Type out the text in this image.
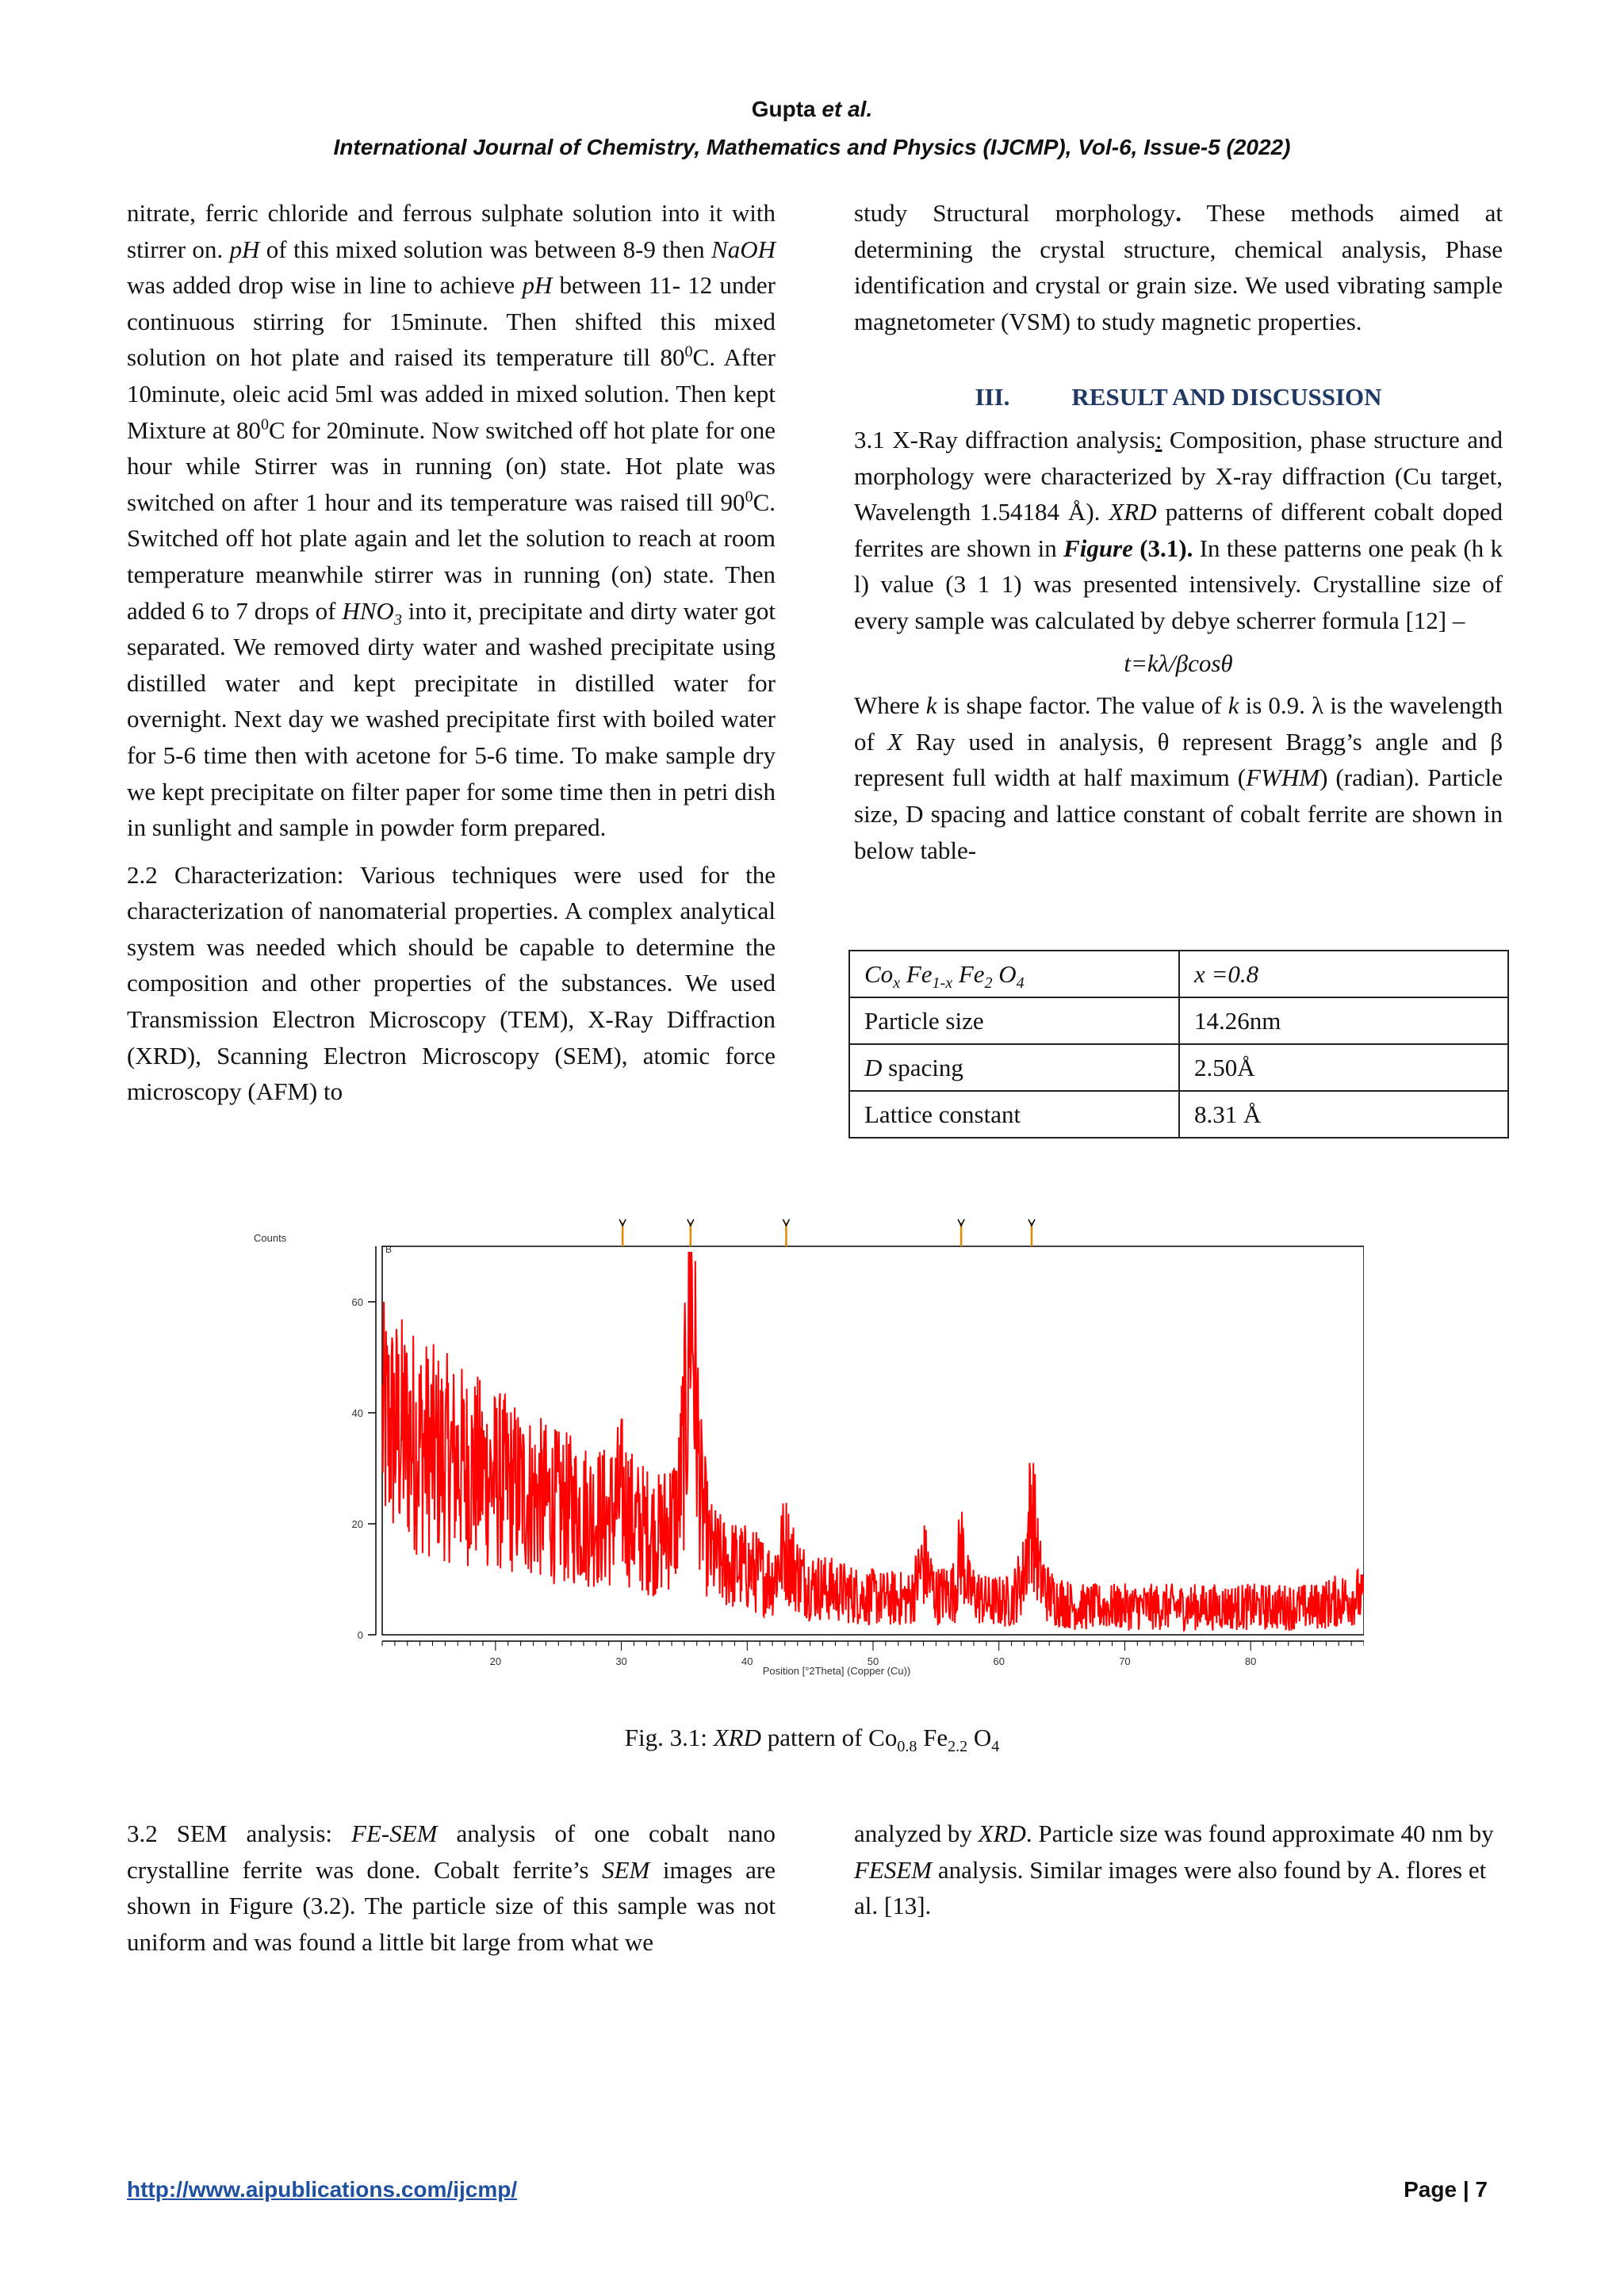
Gupta et al.
International Journal of Chemistry, Mathematics and Physics (IJCMP), Vol-6, Issue-5 (2022)

nitrate, ferric chloride and ferrous sulphate solution into it with stirrer on. pH of this mixed solution was between 8-9 then NaOH was added drop wise in line to achieve pH between 11- 12 under continuous stirring for 15minute. Then shifted this mixed solution on hot plate and raised its temperature till $80^0C$. After 10minute, oleic acid 5ml was added in mixed solution. Then kept Mixture at $80^0C$ for 20minute. Now switched off hot plate for one hour while Stirrer was in running (on) state. Hot plate was switched on after 1 hour and its temperature was raised till $90^0C$. Switched off hot plate again and let the solution to reach at room temperature meanwhile stirrer was in running (on) state. Then added 6 to 7 drops of $HNO_3$ into it, precipitate and dirty water got separated. We removed dirty water and washed precipitate using distilled water and kept precipitate in distilled water for overnight. Next day we washed precipitate first with boiled water for 5-6 time then with acetone for 5-6 time. To make sample dry we kept precipitate on filter paper for some time then in petri dish in sunlight and sample in powder form prepared.

2.2 Characterization: Various techniques were used for the characterization of nanomaterial properties. A complex analytical system was needed which should be capable to determine the composition and other properties of the substances. We used Transmission Electron Microscopy (TEM), X-Ray Diffraction (XRD), Scanning Electron Microscopy (SEM), atomic force microscopy (AFM) to

study Structural morphology. These methods aimed at determining the crystal structure, chemical analysis, Phase identification and crystal or grain size. We used vibrating sample magnetometer (VSM) to study magnetic properties.

III.	RESULT AND DISCUSSION

3.1 X-Ray diffraction analysis: Composition, phase structure and morphology were characterized by X-ray diffraction (Cu target, Wavelength 1.54184 Å). XRD patterns of different cobalt doped ferrites are shown in Figure (3.1). In these patterns one peak (h k l) value (3 1 1) was presented intensively. Crystalline size of every sample was calculated by debye scherrer formula [12] –

t=kλ/βcosθ

Where k is shape factor. The value of k is 0.9. λ is the wavelength of X Ray used in analysis, θ represent Bragg’s angle and β represent full width at half maximum (FWHM) (radian). Particle size, D spacing and lattice constant of cobalt ferrite are shown in below table-

$Co_x$ $Fe_{1-x}$ $Fe_2$ $O_4$	x =0.8
Particle size	14.26nm
D spacing	2.50Å
Lattice constant	8.31 Å
Counts
B
0
20
40
60
20	30	40	50	60	70	80
Position [°2Theta] (Copper (Cu))
Fig. 3.1: XRD pattern of $Co_{0.8}$ $Fe_{2.2}$ $O_4$

3.2 SEM analysis: FE-SEM analysis of one cobalt nano crystalline ferrite was done. Cobalt ferrite’s SEM images are shown in Figure (3.2). The particle size of this sample was not uniform and was found a little bit large from what we

analyzed by XRD. Particle size was found approximate 40 nm by FESEM analysis. Similar images were also found by A. flores et al. [13].

http://www.aipublications.com/ijcmp/	Page | 7
